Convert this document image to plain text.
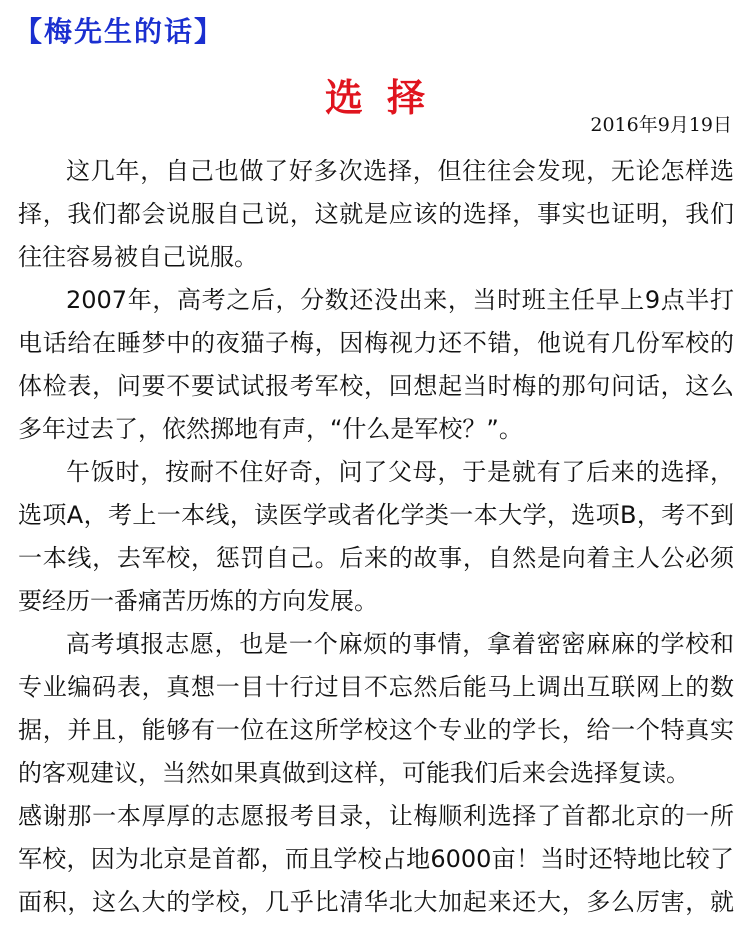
【梅先生的话】
选择
2016年9月19日
这几年，自己也做了好多次选择，但往往会发现，无论怎样选
择，我们都会说服自己说，这就是应该的选择，事实也证明，我们
往往容易被自己说服。
2007年，高考之后，分数还没出来，当时班主任早上9点半打
电话给在睡梦中的夜猫子梅，因梅视力还不错，他说有几份军校的
体检表，问要不要试试报考军校，回想起当时梅的那句问话，这么
多年过去了，依然掷地有声，“什么是军校？”。
午饭时，按耐不住好奇，问了父母，于是就有了后来的选择，
选项A，考上一本线，读医学或者化学类一本大学，选项B，考不到
一本线，去军校，惩罚自己。后来的故事，自然是向着主人公必须
要经历一番痛苦历炼的方向发展。
高考填报志愿，也是一个麻烦的事情，拿着密密麻麻的学校和
专业编码表，真想一目十行过目不忘然后能马上调出互联网上的数
据，并且，能够有一位在这所学校这个专业的学长，给一个特真实
的客观建议，当然如果真做到这样，可能我们后来会选择复读。
感谢那一本厚厚的志愿报考目录，让梅顺利选择了首都北京的一所
军校，因为北京是首都，而且学校占地6000亩！当时还特地比较了
面积，这么大的学校，几乎比清华北大加起来还大，多么厉害，就
